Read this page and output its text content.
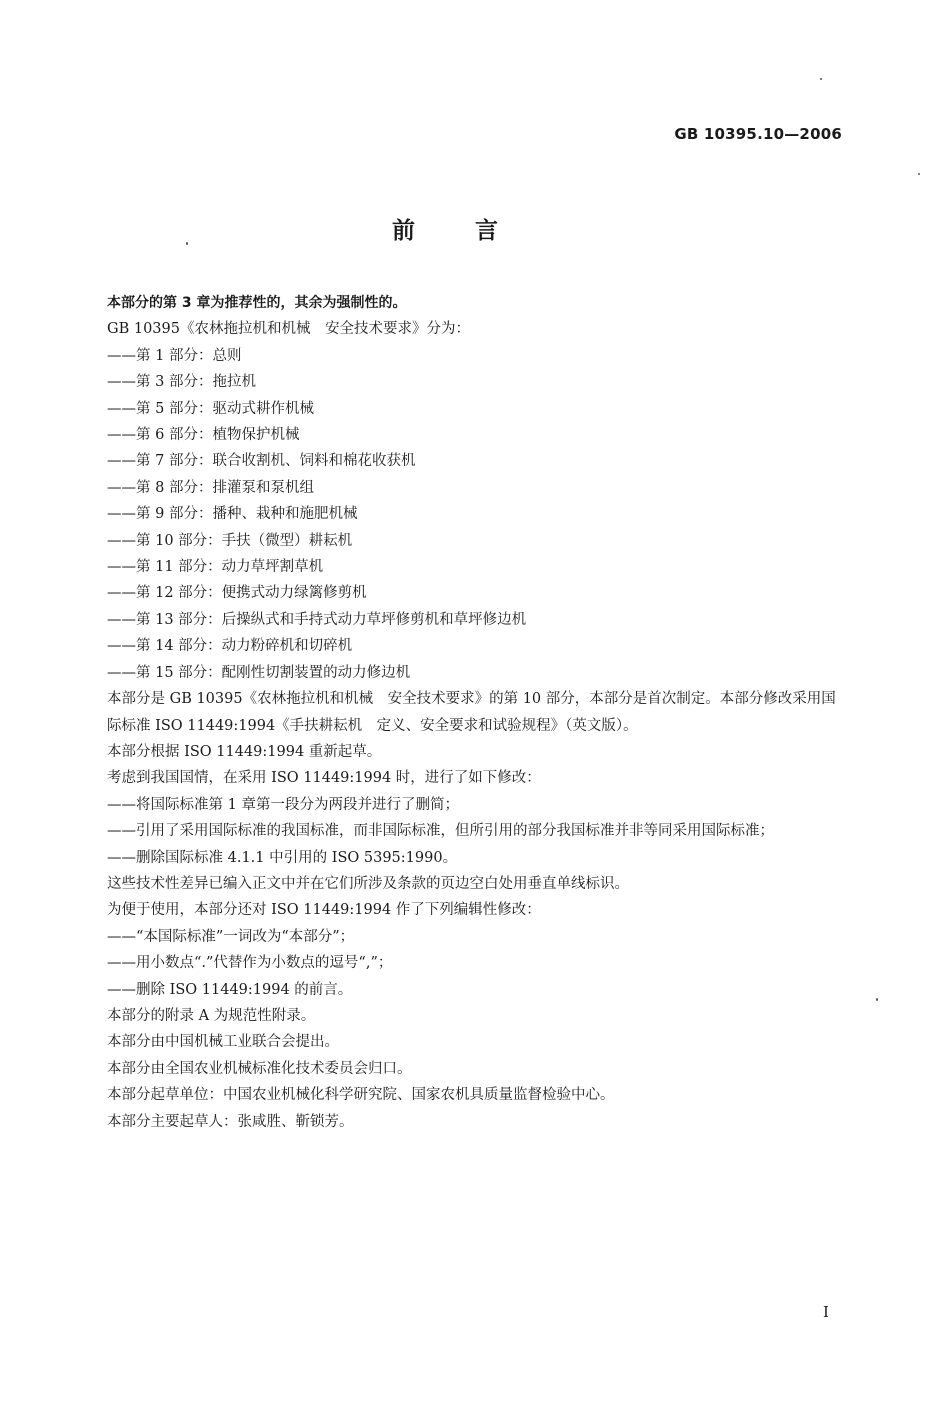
GB 10395.10—2006
前 言

本部分的第 3 章为推荐性的，其余为强制性的。

GB 10395《农林拖拉机和机械　安全技术要求》分为：

—— 第 1 部分：总则

—— 第 3 部分：拖拉机

—— 第 5 部分：驱动式耕作机械

—— 第 6 部分：植物保护机械

—— 第 7 部分：联合收割机、饲料和棉花收获机

—— 第 8 部分：排灌泵和泵机组

—— 第 9 部分：播种、栽种和施肥机械

—— 第 10 部分：手扶（微型）耕耘机

—— 第 11 部分：动力草坪割草机

—— 第 12 部分：便携式动力绿篱修剪机

—— 第 13 部分：后操纵式和手持式动力草坪修剪机和草坪修边机

—— 第 14 部分：动力粉碎机和切碎机

—— 第 15 部分：配刚性切割装置的动力修边机

本部分是 GB 10395《农林拖拉机和机械　安全技术要求》的第 10 部分，本部分是首次制定。本部分修改采用国际标准 ISO 11449:1994《手扶耕耘机　定义、安全要求和试验规程》（英文版）。

本部分根据 ISO 11449:1994 重新起草。

考虑到我国国情，在采用 ISO 11449:1994 时，进行了如下修改：

—— 将国际标准第 1 章第一段分为两段并进行了删简；

—— 引用了采用国际标准的我国标准，而非国际标准，但所引用的部分我国标准并非等同采用国际标准；

—— 删除国际标准 4.1.1 中引用的 ISO 5395:1990。

这些技术性差异已编入正文中并在它们所涉及条款的页边空白处用垂直单线标识。

为便于使用，本部分还对 ISO 11449:1994 作了下列编辑性修改：

—— “本国际标准”一词改为“本部分”；

—— 用小数点“.”代替作为小数点的逗号“,”；

—— 删除 ISO 11449:1994 的前言。

本部分的附录 A 为规范性附录。

本部分由中国机械工业联合会提出。

本部分由全国农业机械标准化技术委员会归口。

本部分起草单位：中国农业机械化科学研究院、国家农机具质量监督检验中心。

本部分主要起草人：张咸胜、靳锁芳。

I
